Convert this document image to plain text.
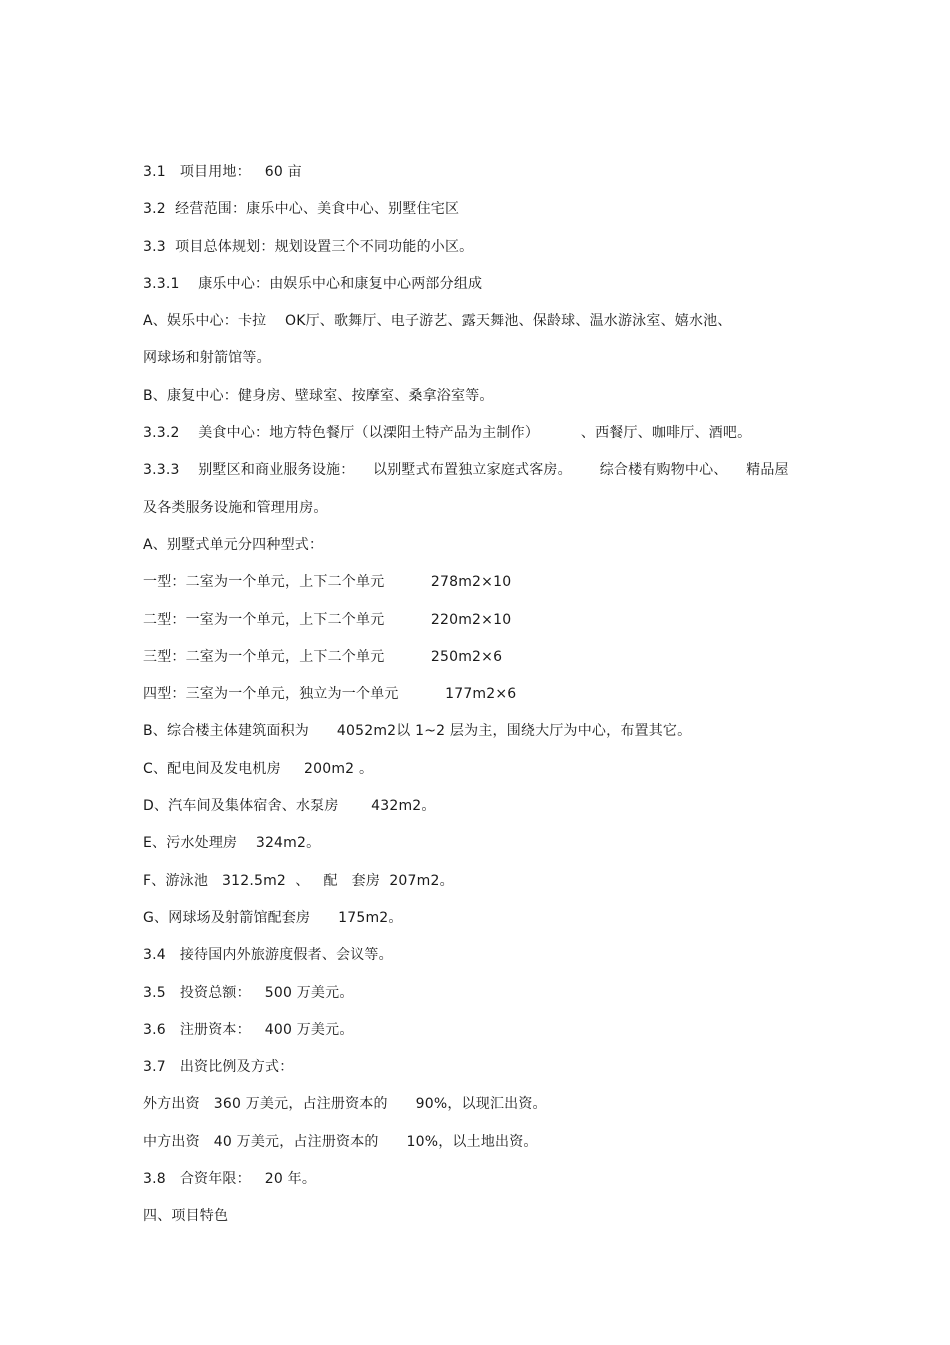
3.1   项目用地：   60 亩
3.2  经营范围：康乐中心、美食中心、别墅住宅区
3.3  项目总体规划：规划设置三个不同功能的小区。
3.3.1    康乐中心：由娱乐中心和康复中心两部分组成
A、娱乐中心：卡拉    OK厅、歌舞厅、电子游艺、露天舞池、保龄球、温水游泳室、嬉水池、
网球场和射箭馆等。
B、康复中心：健身房、壁球室、按摩室、桑拿浴室等。
3.3.2    美食中心：地方特色餐厅（以溧阳土特产品为主制作）         、西餐厅、咖啡厅、酒吧。
3.3.3    别墅区和商业服务设施：    以别墅式布置独立家庭式客房。      综合楼有购物中心、    精品屋
及各类服务设施和管理用房。
A、别墅式单元分四种型式：
一型：二室为一个单元，上下二个单元          278m2×10
二型：一室为一个单元，上下二个单元          220m2×10
三型：二室为一个单元，上下二个单元          250m2×6
四型：三室为一个单元，独立为一个单元          177m2×6
B、综合楼主体建筑面积为      4052m2以 1~2 层为主，围绕大厅为中心，布置其它。
C、配电间及发电机房     200m2 。
D、汽车间及集体宿舍、水泵房       432m2。
E、污水处理房    324m2。
F、游泳池   312.5m2  、   配   套房  207m2。
G、网球场及射箭馆配套房      175m2。
3.4   接待国内外旅游度假者、会议等。
3.5   投资总额：   500 万美元。
3.6   注册资本：   400 万美元。
3.7   出资比例及方式：
外方出资   360 万美元，占注册资本的      90%，以现汇出资。
中方出资   40 万美元，占注册资本的      10%，以土地出资。
3.8   合资年限：   20 年。
四、项目特色
